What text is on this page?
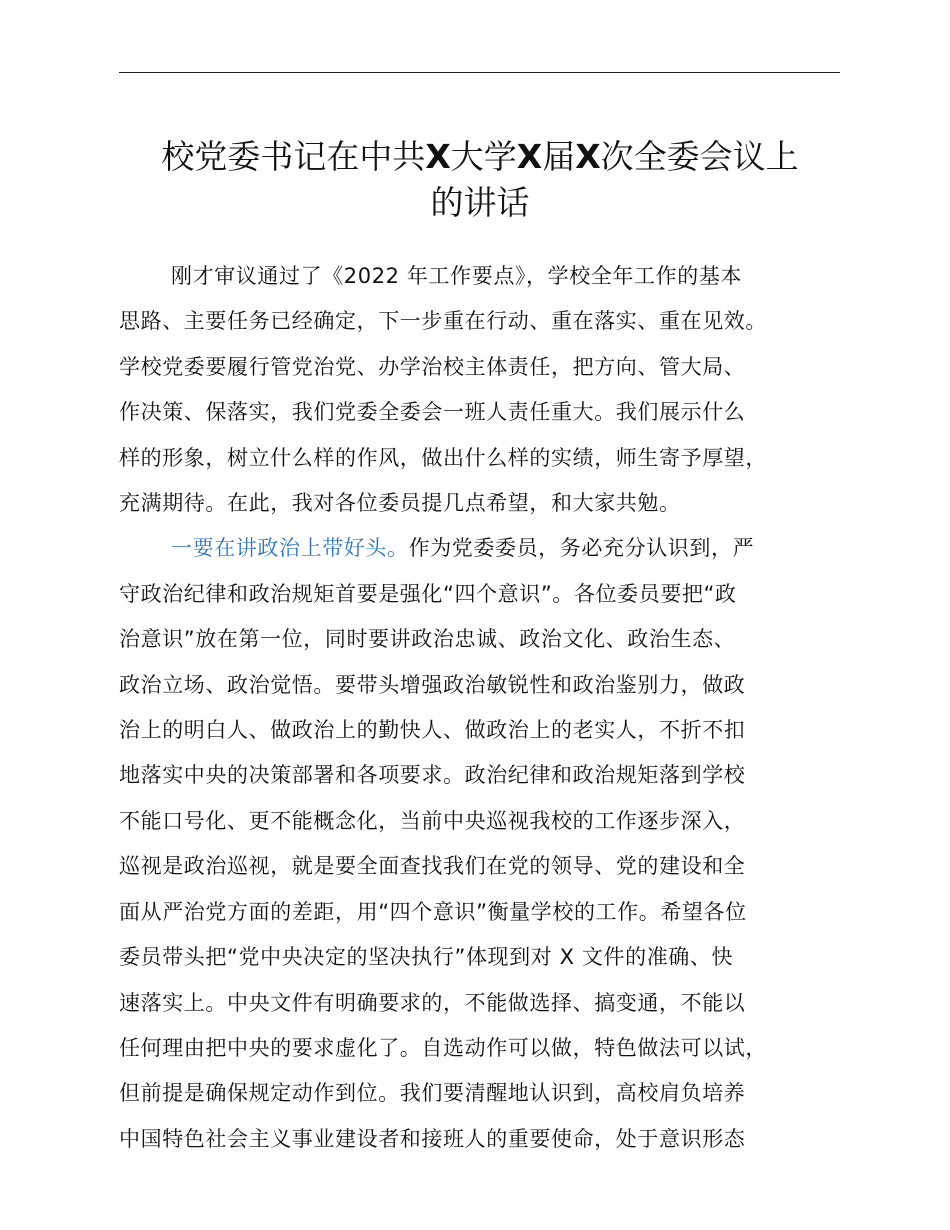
校党委书记在中共X大学X届X次全委会议上
的讲话
刚才审议通过了《2022 年工作要点》，学校全年工作的基本
思路、主要任务已经确定，下一步重在行动、重在落实、重在见效。
学校党委要履行管党治党、办学治校主体责任，把方向、管大局、
作决策、保落实，我们党委全委会一班人责任重大。我们展示什么
样的形象，树立什么样的作风，做出什么样的实绩，师生寄予厚望，
充满期待。在此，我对各位委员提几点希望，和大家共勉。
一要在讲政治上带好头。作为党委委员，务必充分认识到，严
守政治纪律和政治规矩首要是强化“四个意识”。各位委员要把“政
治意识”放在第一位，同时要讲政治忠诚、政治文化、政治生态、
政治立场、政治觉悟。要带头增强政治敏锐性和政治鉴别力，做政
治上的明白人、做政治上的勤快人、做政治上的老实人，不折不扣
地落实中央的决策部署和各项要求。政治纪律和政治规矩落到学校
不能口号化、更不能概念化，当前中央巡视我校的工作逐步深入，
巡视是政治巡视，就是要全面查找我们在党的领导、党的建设和全
面从严治党方面的差距，用“四个意识”衡量学校的工作。希望各位
委员带头把“党中央决定的坚决执行”体现到对 X 文件的准确、快
速落实上。中央文件有明确要求的，不能做选择、搞变通，不能以
任何理由把中央的要求虚化了。自选动作可以做，特色做法可以试，
但前提是确保规定动作到位。我们要清醒地认识到，高校肩负培养
中国特色社会主义事业建设者和接班人的重要使命，处于意识形态
